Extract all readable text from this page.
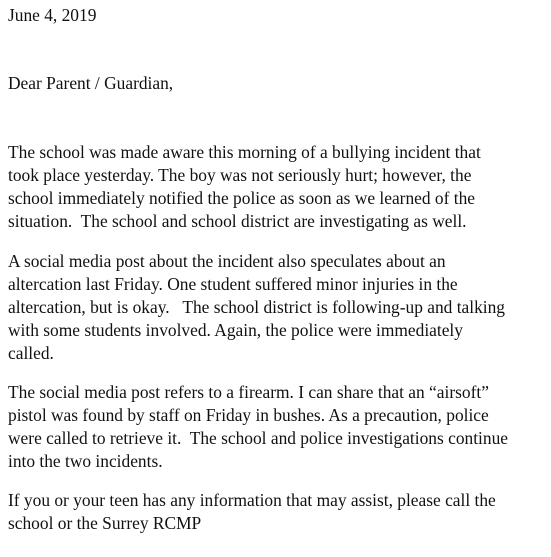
June 4, 2019

Dear Parent / Guardian,

The school was made aware this morning of a bullying incident that
took place yesterday. The boy was not seriously hurt; however, the
school immediately notified the police as soon as we learned of the
situation.  The school and school district are investigating as well.

A social media post about the incident also speculates about an
altercation last Friday. One student suffered minor injuries in the
altercation, but is okay.   The school district is following-up and talking
with some students involved. Again, the police were immediately
called.

The social media post refers to a firearm. I can share that an “airsoft”
pistol was found by staff on Friday in bushes. As a precaution, police
were called to retrieve it.  The school and police investigations continue
into the two incidents.

If you or your teen has any information that may assist, please call the
school or the Surrey RCMP
